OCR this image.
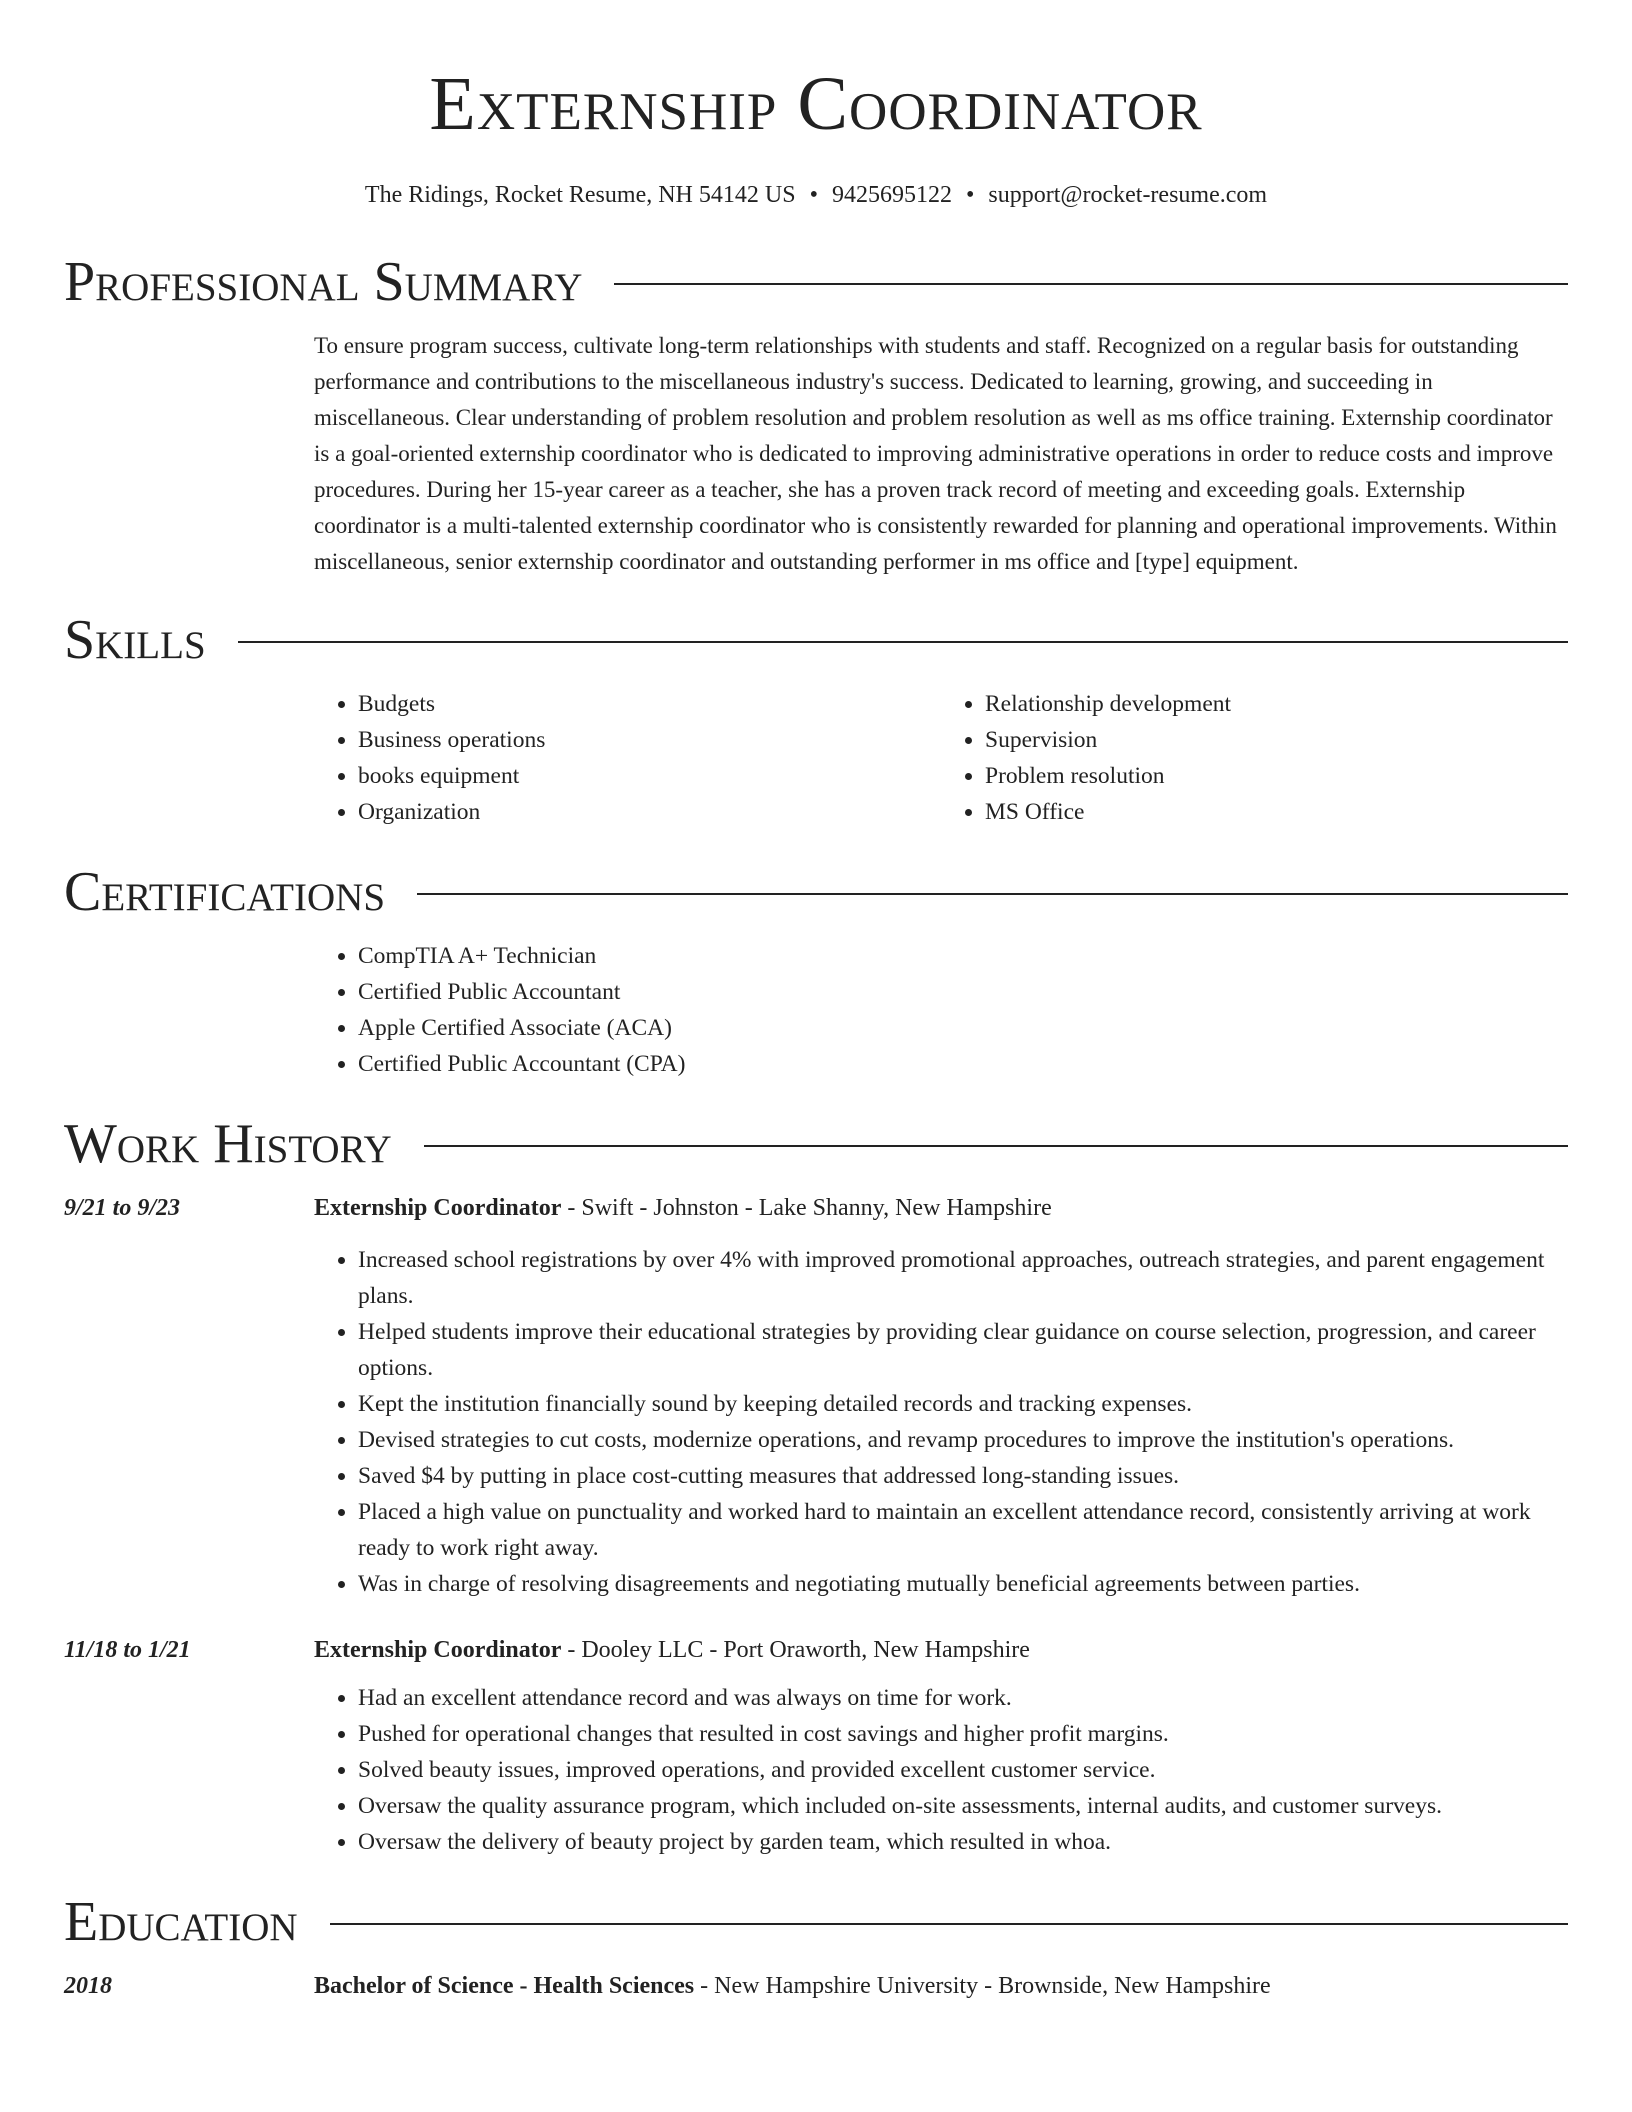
Externship Coordinator
The Ridings, Rocket Resume, NH 54142 US • 9425695122 • support@rocket-resume.com
Professional Summary
To ensure program success, cultivate long-term relationships with students and staff. Recognized on a regular basis for outstanding performance and contributions to the miscellaneous industry's success. Dedicated to learning, growing, and succeeding in miscellaneous. Clear understanding of problem resolution and problem resolution as well as ms office training. Externship coordinator is a goal-oriented externship coordinator who is dedicated to improving administrative operations in order to reduce costs and improve procedures. During her 15-year career as a teacher, she has a proven track record of meeting and exceeding goals. Externship coordinator is a multi-talented externship coordinator who is consistently rewarded for planning and operational improvements. Within miscellaneous, senior externship coordinator and outstanding performer in ms office and [type] equipment.
Skills
• Budgets
• Business operations
• books equipment
• Organization
• Relationship development
• Supervision
• Problem resolution
• MS Office
Certifications
• CompTIA A+ Technician
• Certified Public Accountant
• Apple Certified Associate (ACA)
• Certified Public Accountant (CPA)
Work History
9/21 to 9/23	Externship Coordinator - Swift - Johnston - Lake Shanny, New Hampshire
• Increased school registrations by over 4% with improved promotional approaches, outreach strategies, and parent engagement plans.
• Helped students improve their educational strategies by providing clear guidance on course selection, progression, and career options.
• Kept the institution financially sound by keeping detailed records and tracking expenses.
• Devised strategies to cut costs, modernize operations, and revamp procedures to improve the institution's operations.
• Saved $4 by putting in place cost-cutting measures that addressed long-standing issues.
• Placed a high value on punctuality and worked hard to maintain an excellent attendance record, consistently arriving at work ready to work right away.
• Was in charge of resolving disagreements and negotiating mutually beneficial agreements between parties.
11/18 to 1/21	Externship Coordinator - Dooley LLC - Port Oraworth, New Hampshire
• Had an excellent attendance record and was always on time for work.
• Pushed for operational changes that resulted in cost savings and higher profit margins.
• Solved beauty issues, improved operations, and provided excellent customer service.
• Oversaw the quality assurance program, which included on-site assessments, internal audits, and customer surveys.
• Oversaw the delivery of beauty project by garden team, which resulted in whoa.
Education
2018	Bachelor of Science - Health Sciences - New Hampshire University - Brownside, New Hampshire
